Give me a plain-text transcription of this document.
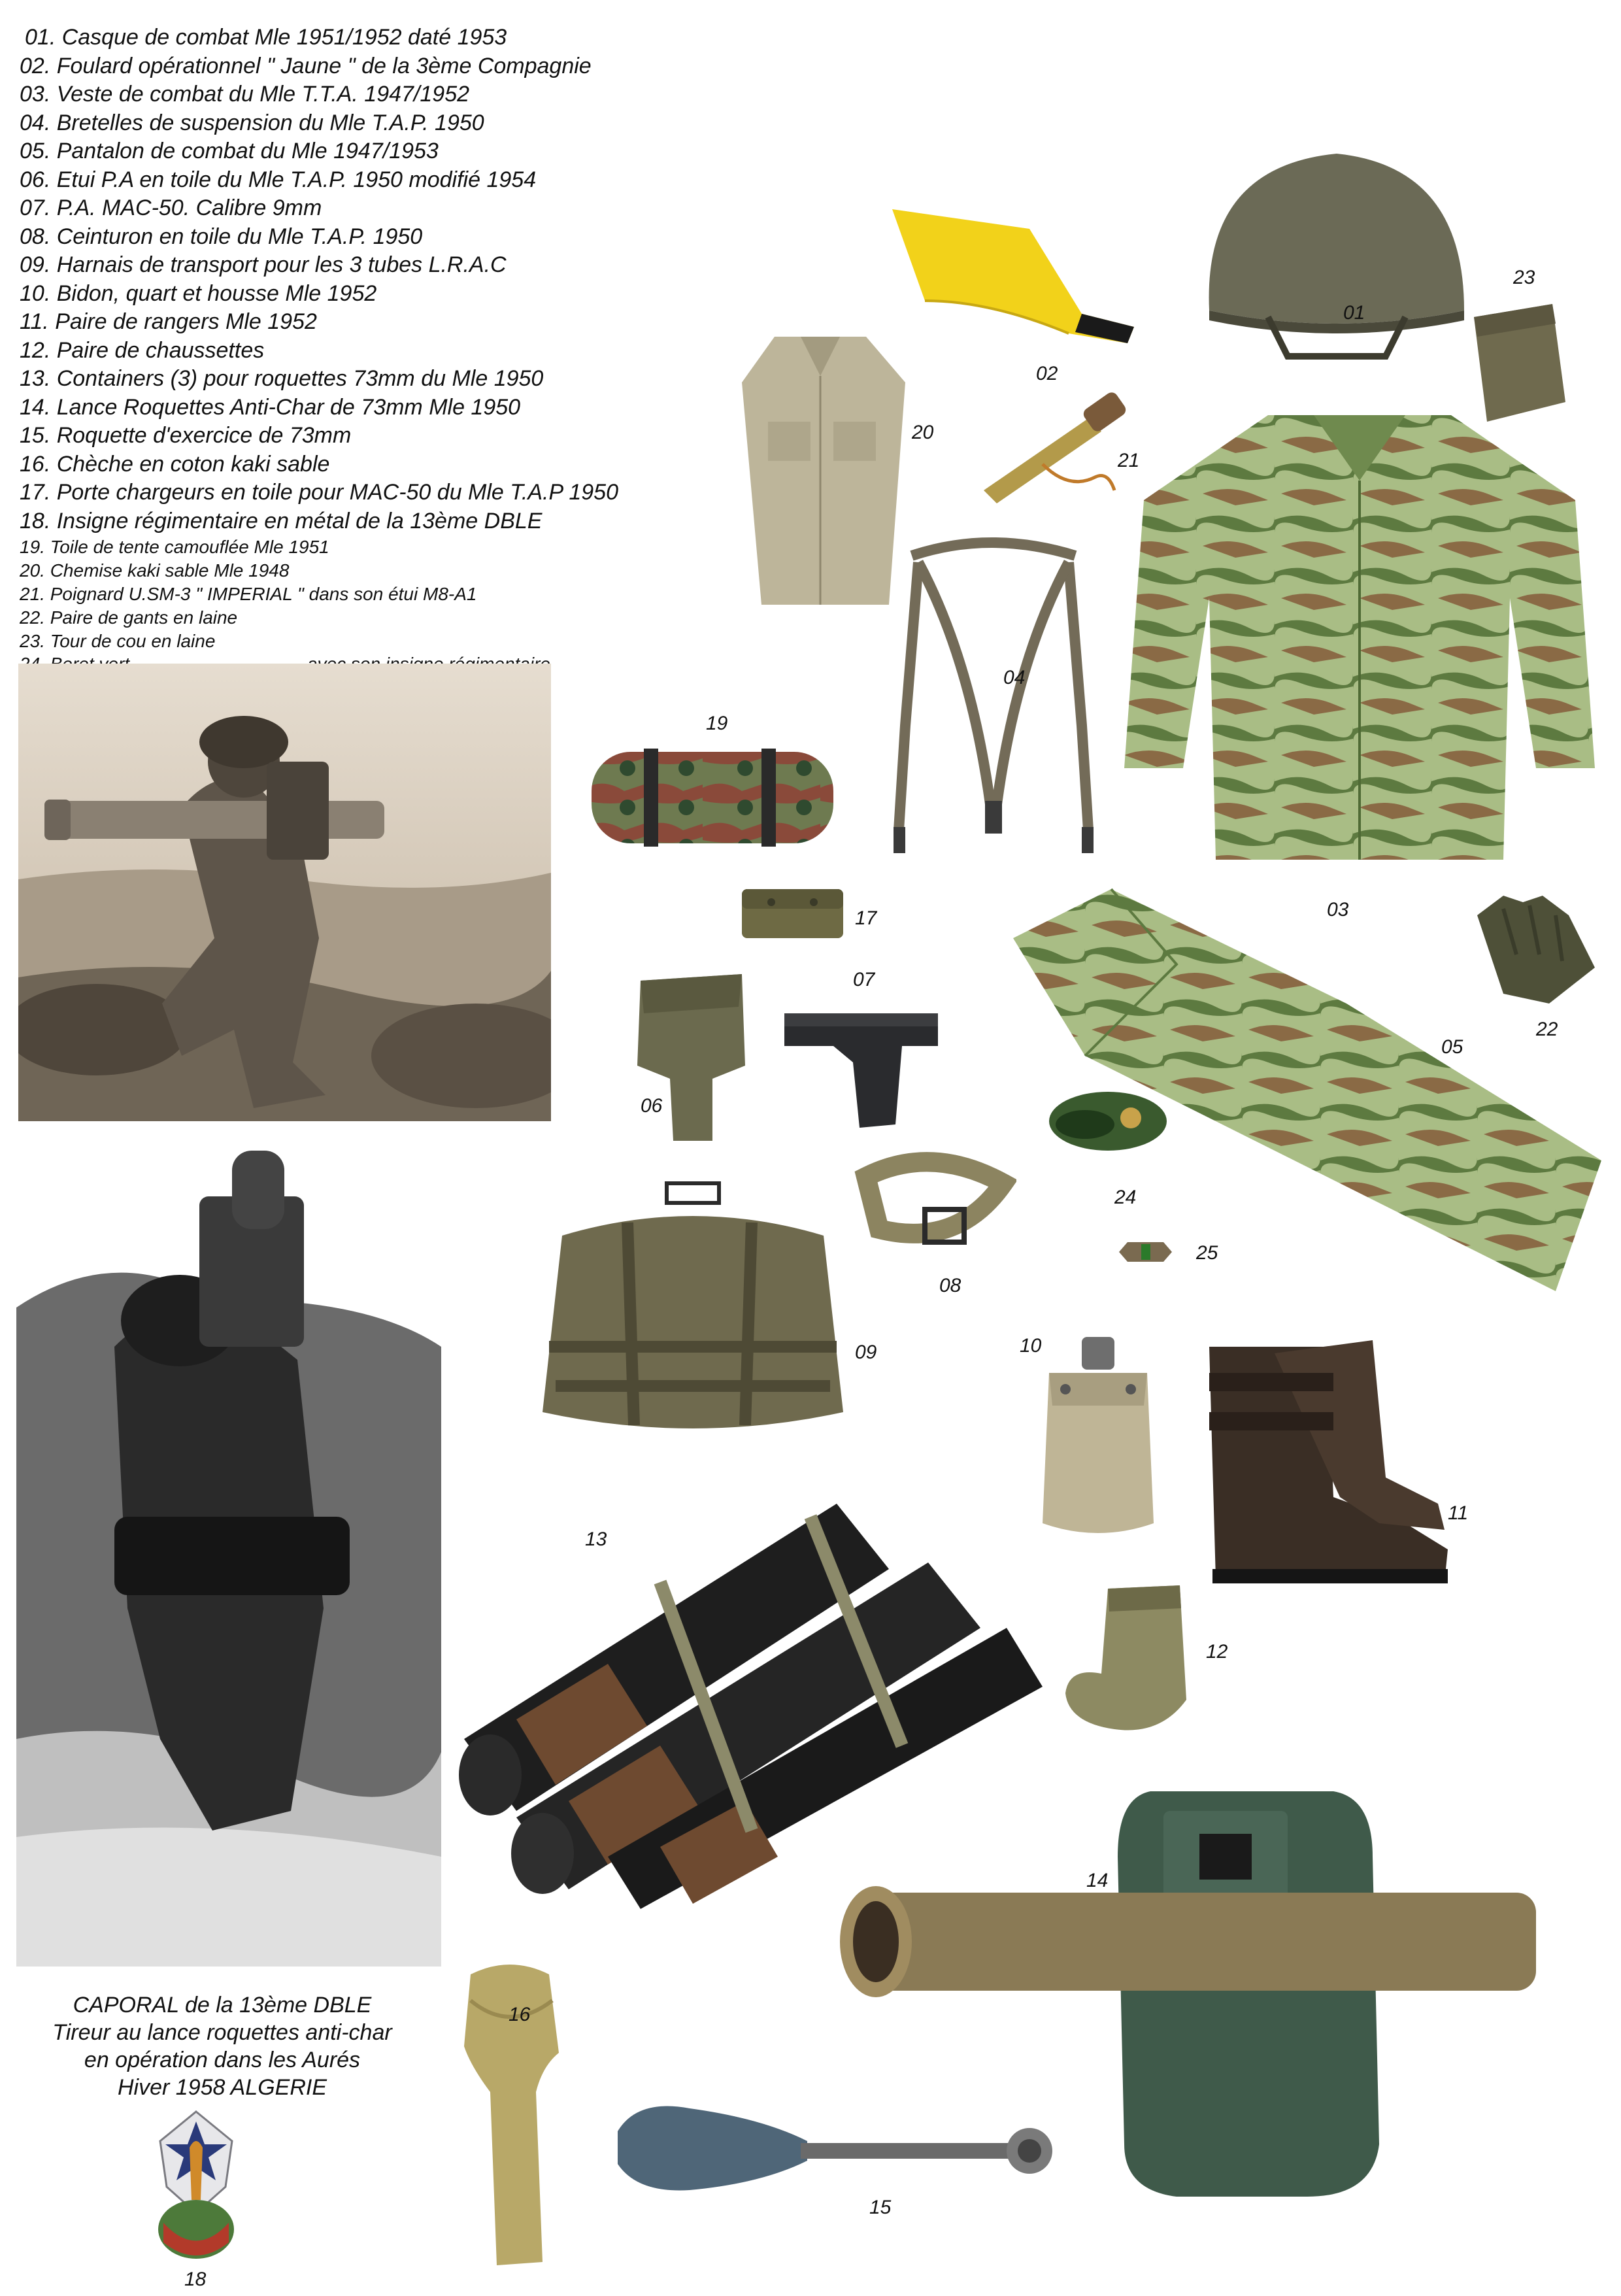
01. Casque de combat Mle 1951/1952 daté 1953
02. Foulard opérationnel " Jaune " de la 3ème Compagnie
03. Veste de combat du Mle T.T.A. 1947/1952
04. Bretelles de suspension du Mle T.A.P. 1950
05. Pantalon de combat du Mle 1947/1953
06. Etui P.A en toile du Mle T.A.P. 1950 modifié 1954
07. P.A. MAC-50. Calibre 9mm
08. Ceinturon en toile du Mle T.A.P. 1950
09. Harnais de transport pour les 3 tubes L.R.A.C
10. Bidon, quart et housse Mle 1952
11. Paire de rangers Mle 1952
12. Paire de chaussettes
13. Containers (3) pour roquettes 73mm du Mle 1950
14. Lance Roquettes Anti-Char de 73mm Mle 1950
15. Roquette d'exercice de 73mm
16. Chèche en coton kaki sable
17. Porte chargeurs en toile pour MAC-50 du Mle T.A.P 1950
18. Insigne régimentaire en métal de la 13ème DBLE
19. Toile de tente camouflée Mle 1951
20. Chemise kaki sable Mle 1948
21. Poignard U.SM-3 " IMPERIAL " dans son étui M8-A1
22. Paire de gants en laine
23. Tour de cou en laine
CAPORAL de la 13ème DBLE
Tireur au lance roquettes anti-char
en opération dans les Aurés
Hiver 1958 ALGERIE
18
01
23
02
20
21
03
04
19
17
05
22
06
07
24
25
08
09	10
11
12
13
14
16
15
